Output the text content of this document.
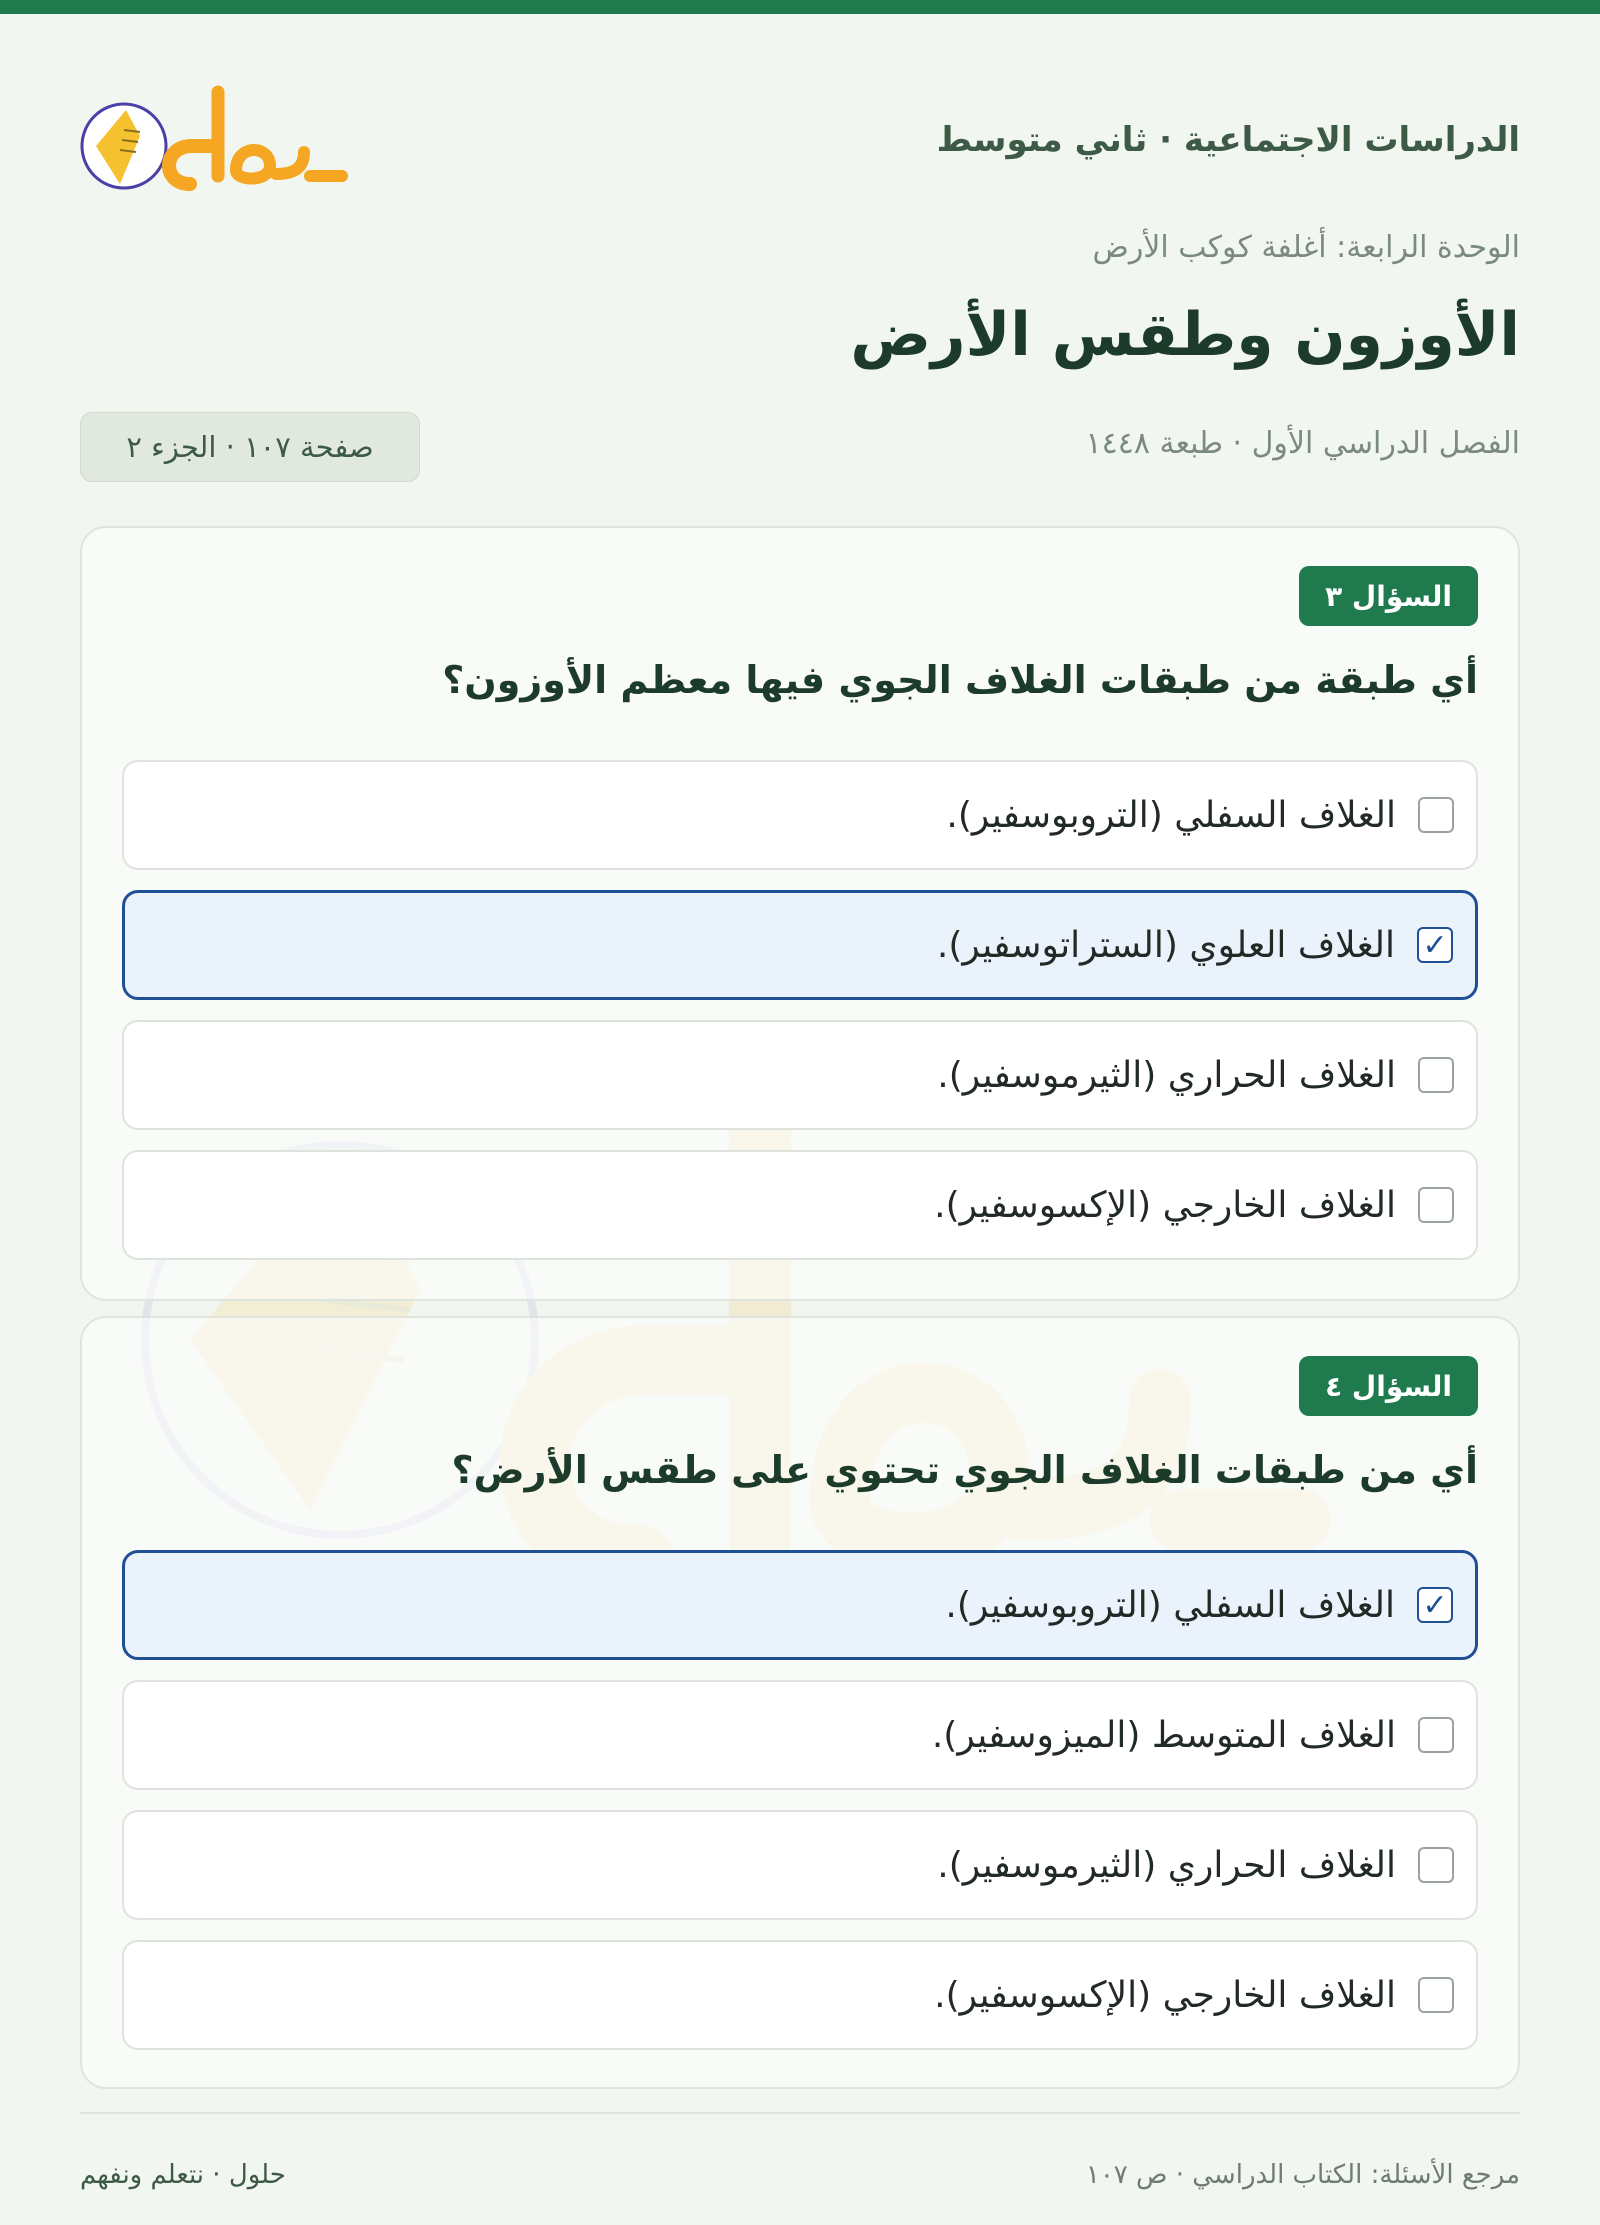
الدراسات الاجتماعية · ثاني متوسط
حلول
الوحدة الرابعة: أغلفة كوكب الأرض
الأوزون وطقس الأرض
الفصل الدراسي الأول · طبعة ١٤٤٨
صفحة ١٠٧ · الجزء ٢
السؤال ٣
أي طبقة من طبقات الغلاف الجوي فيها معظم الأوزون؟
الغلاف السفلي (التروبوسفير).
✓
الغلاف العلوي (الستراتوسفير).
الغلاف الحراري (الثيرموسفير).
الغلاف الخارجي (الإكسوسفير).
السؤال ٤
أي من طبقات الغلاف الجوي تحتوي على طقس الأرض؟
✓
الغلاف السفلي (التروبوسفير).
الغلاف المتوسط (الميزوسفير).
الغلاف الحراري (الثيرموسفير).
الغلاف الخارجي (الإكسوسفير).
مرجع الأسئلة: الكتاب الدراسي · ص ١٠٧
حلول · نتعلم ونفهم
